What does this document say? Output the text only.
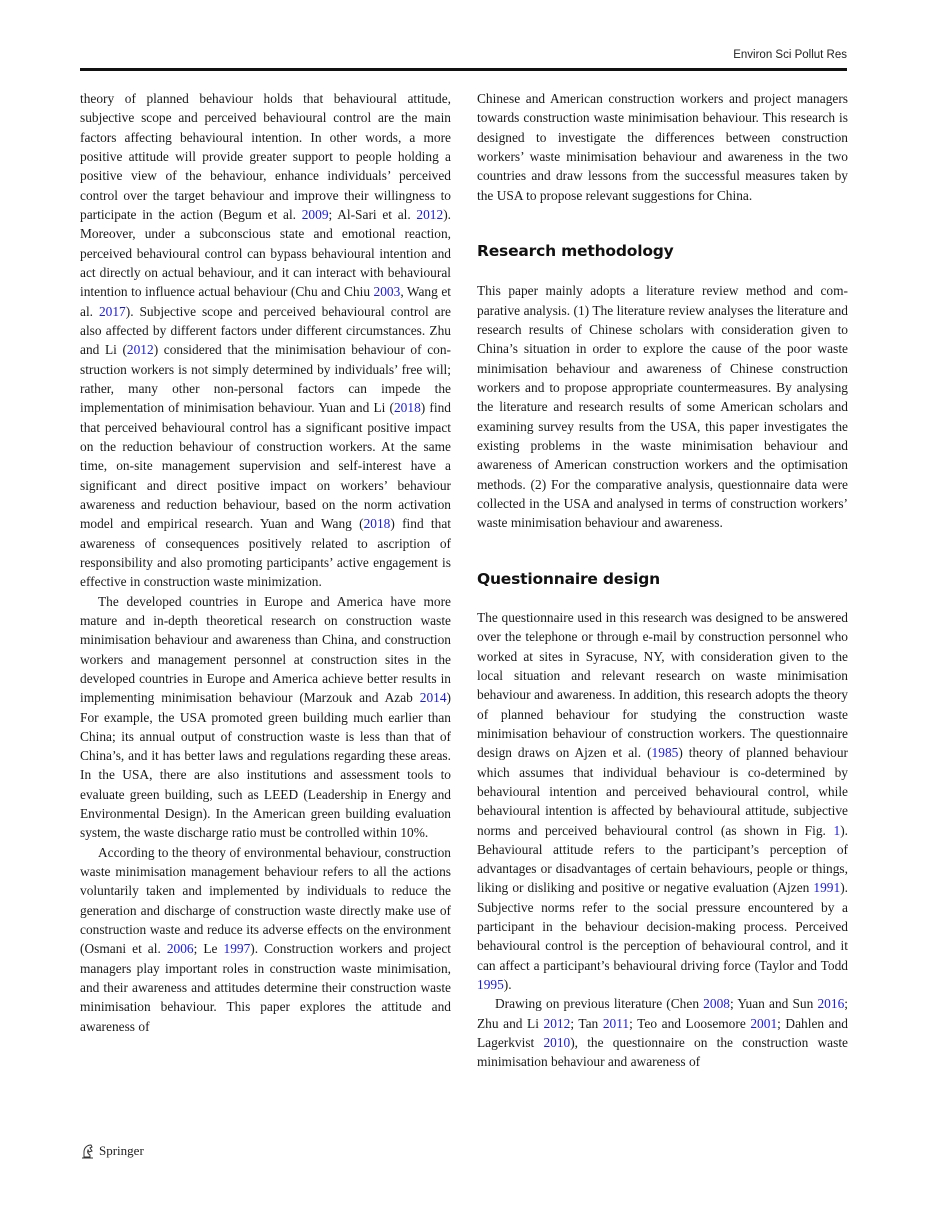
Environ Sci Pollut Res

theory of planned behaviour holds that behavioural attitude, subjective scope and perceived behavioural control are the main factors affecting behavioural intention. In other words, a more positive attitude will provide greater support to people holding a positive view of the behaviour, enhance individuals’ perceived control over the target behaviour and improve their willingness to participate in the action (Begum et al. 2009; Al-Sari et al. 2012). Moreover, under a subconscious state and emotional reaction, perceived behavioural control can bypass behavioural intention and act directly on actual behaviour, and it can interact with behavioural intention to influence actual behaviour (Chu and Chiu 2003, Wang et al. 2017). Subjective scope and perceived behavioural control are also affected by different factors under different circumstances. Zhu and Li (2012) considered that the minimisation behaviour of construction workers is not simply determined by individuals’ free will; rather, many other non-personal factors can impede the implementation of minimisation behaviour. Yuan and Li (2018) find that perceived behavioural control has a significant positive impact on the reduction behaviour of construction workers. At the same time, on-site management supervision and self-interest have a significant and direct positive impact on workers’ behaviour awareness and reduction behaviour, based on the norm activation model and empirical research. Yuan and Wang (2018) find that awareness of consequences positively related to ascription of responsibility and also promoting participants’ active engagement is effective in construction waste minimization.

The developed countries in Europe and America have more mature and in-depth theoretical research on construction waste minimisation behaviour and awareness than China, and construction workers and management personnel at construction sites in the developed countries in Europe and America achieve better results in implementing minimisation behaviour (Marzouk and Azab 2014) For example, the USA promoted green building much earlier than China; its annual output of construction waste is less than that of China’s, and it has better laws and regulations regarding these areas. In the USA, there are also institutions and assessment tools to evaluate green building, such as LEED (Leadership in Energy and Environmental Design). In the American green building evaluation system, the waste discharge ratio must be controlled within 10%.

According to the theory of environmental behaviour, construction waste minimisation management behaviour refers to all the actions voluntarily taken and implemented by individuals to reduce the generation and discharge of construction waste directly make use of construction waste and reduce its adverse effects on the environment (Osmani et al. 2006; Le 1997). Construction workers and project managers play important roles in construction waste minimisation, and their awareness and attitudes determine their construction waste minimisation behaviour. This paper explores the attitude and awareness of

Chinese and American construction workers and project managers towards construction waste minimisation behaviour. This research is designed to investigate the differences between construction workers’ waste minimisation behaviour and awareness in the two countries and draw lessons from the successful measures taken by the USA to propose relevant suggestions for China.

Research methodology

This paper mainly adopts a literature review method and comparative analysis. (1) The literature review analyses the literature and research results of Chinese scholars with consideration given to China’s situation in order to explore the cause of the poor waste minimisation behaviour and awareness of Chinese construction workers and to propose appropriate countermeasures. By analysing the literature and research results of some American scholars and examining survey results from the USA, this paper investigates the existing problems in the waste minimisation behaviour and awareness of American construction workers and the optimisation methods. (2) For the comparative analysis, questionnaire data were collected in the USA and analysed in terms of construction workers’ waste minimisation behaviour and awareness.

Questionnaire design

The questionnaire used in this research was designed to be answered over the telephone or through e-mail by construction personnel who worked at sites in Syracuse, NY, with consideration given to the local situation and relevant research on waste minimisation behaviour and awareness. In addition, this research adopts the theory of planned behaviour for studying the construction waste minimisation behaviour of construction workers. The questionnaire design draws on Ajzen et al. (1985) theory of planned behaviour which assumes that individual behaviour is co-determined by behavioural intention and perceived behavioural control, while behavioural intention is affected by behavioural attitude, subjective norms and perceived behavioural control (as shown in Fig. 1). Behavioural attitude refers to the participant’s perception of advantages or disadvantages of certain behaviours, people or things, liking or disliking and positive or negative evaluation (Ajzen 1991). Subjective norms refer to the social pressure encountered by a participant in the behaviour decision-making process. Perceived behavioural control is the perception of behavioural control, and it can affect a participant’s behavioural driving force (Taylor and Todd 1995).

Drawing on previous literature (Chen 2008; Yuan and Sun 2016; Zhu and Li 2012; Tan 2011; Teo and Loosemore 2001; Dahlen and Lagerkvist 2010), the questionnaire on the construction waste minimisation behaviour and awareness of

Springer
